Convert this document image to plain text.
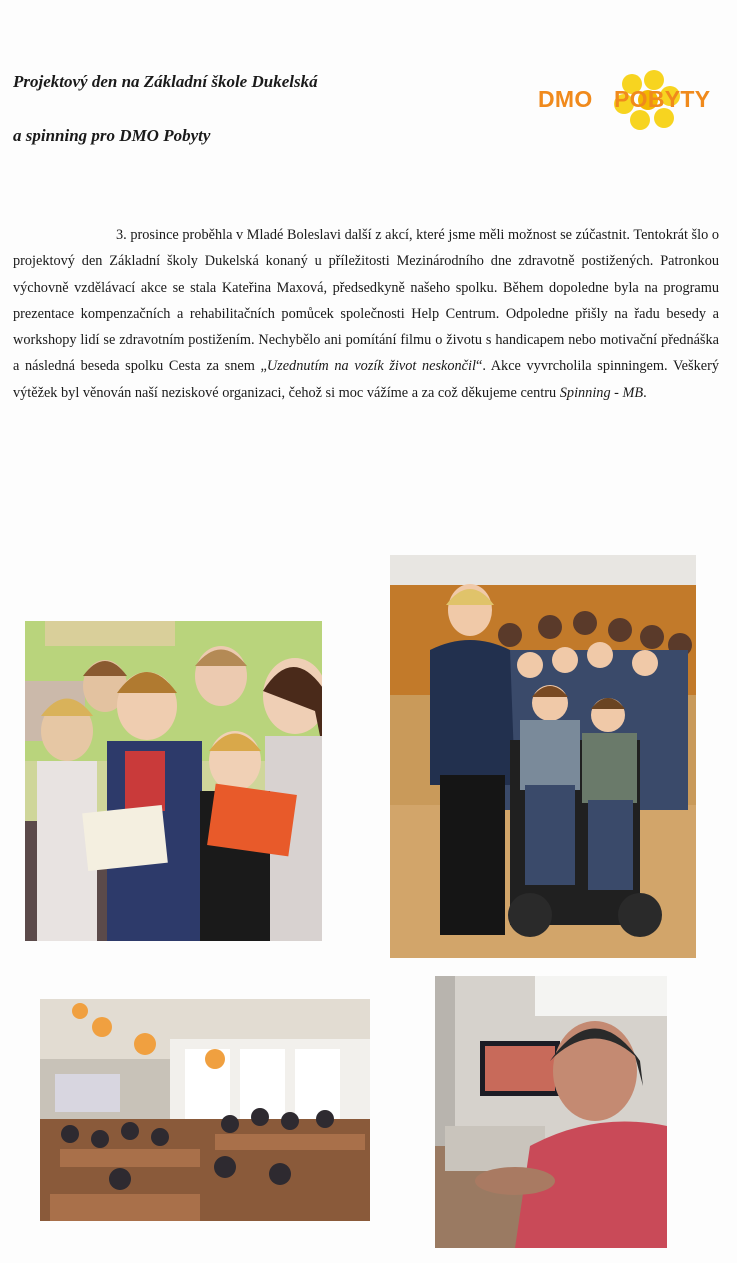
Projektový den na Základní škole Dukelská
a spinning pro DMO Pobyty
DMO POBYTY

3. prosince proběhla v Mladé Boleslavi další z akcí, které jsme měli možnost se zúčastnit. Tentokrát šlo o projektový den Základní školy Dukelská konaný u příležitosti Mezinárodního dne zdravotně postižených. Patronkou výchovně vzdělávací akce se stala Kateřina Maxová, předsedkyně našeho spolku. Během dopoledne byla na programu prezentace kompenzačních a rehabilitačních pomůcek společnosti Help Centrum. Odpoledne přišly na řadu besedy a workshopy lidí se zdravotním postižením. Nechybělo ani pomítání filmu o životu s handicapem nebo motivační přednáška a následná beseda spolku Cesta za snem „Uzednutím na vozík život neskončil“. Akce vyvrcholila spinningem. Veškerý výtěžek byl věnován naší neziskové organizaci, čehož si moc vážíme a za což děkujeme centru Spinning - MB.
